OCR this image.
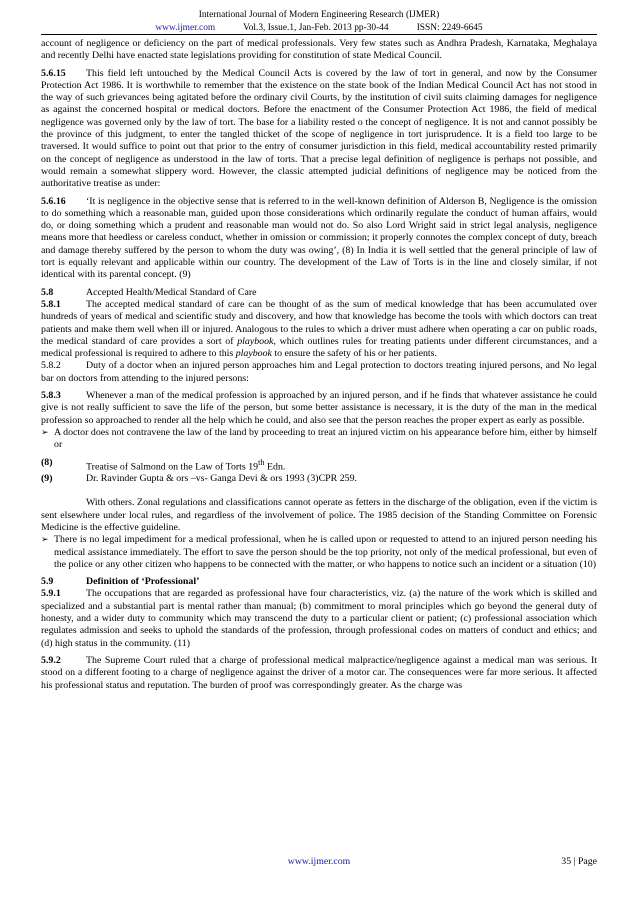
International Journal of Modern Engineering Research (IJMER)
www.ijmer.com	Vol.3, Issue.1, Jan-Feb. 2013 pp-30-44	ISSN: 2249-6645

account of negligence or deficiency on the part of medical professionals. Very few states such as Andhra Pradesh, Karnataka, Meghalaya and recently Delhi have enacted state legislations providing for constitution of state Medical Council.

5.6.15 This field left untouched by the Medical Council Acts is covered by the law of tort in general, and now by the Consumer Protection Act 1986. It is worthwhile to remember that the existence on the state book of the Indian Medical Council Act has not stood in the way of such grievances being agitated before the ordinary civil Courts, by the institution of civil suits claiming damages for negligence as against the concerned hospital or medical doctors. Before the enactment of the Consumer Protection Act 1986, the field of medical negligence was governed only by the law of tort. The base for a liability rested o the concept of negligence. It is not and cannot possibly be the province of this judgment, to enter the tangled thicket of the scope of negligence in tort jurisprudence. It is a field too large to be traversed. It would suffice to point out that prior to the entry of consumer jurisdiction in this field, medical accountability rested primarily on the concept of negligence as understood in the law of torts. That a precise legal definition of negligence is perhaps not possible, and would remain a somewhat slippery word. However, the classic attempted judicial definitions of negligence may be noticed from the authoritative treatise as under:

5.6.16 ‘It is negligence in the objective sense that is referred to in the well-known definition of Alderson B, Negligence is the omission to do something which a reasonable man, guided upon those considerations which ordinarily regulate the conduct of human affairs, would do, or doing something which a prudent and reasonable man would not do. So also Lord Wright said in strict legal analysis, negligence means more that heedless or careless conduct, whether in omission or commission; it properly connotes the complex concept of duty, breach and damage thereby suffered by the person to whom the duty was owing’, (8) In India it is well settled that the general principle of law of tort is equally relevant and applicable within our country. The development of the Law of Torts is in the line and closely similar, if not identical with its parental concept. (9)

5.8	Accepted Health/Medical Standard of Care

5.8.1	The accepted medical standard of care can be thought of as the sum of medical knowledge that has been accumulated over hundreds of years of medical and scientific study and discovery, and how that knowledge has become the tools with which doctors can treat patients and make them well when ill or injured. Analogous to the rules to which a driver must adhere when operating a car on public roads, the medical standard of care provides a sort of playbook, which outlines rules for treating patients under different circumstances, and a medical professional is required to adhere to this playbook to ensure the safety of his or her patients.

5.8.2	Duty of a doctor when an injured person approaches him and Legal protection to doctors treating injured persons, and No legal bar on doctors from attending to the injured persons:

5.8.3	Whenever a man of the medical profession is approached by an injured person, and if he finds that whatever assistance he could give is not really sufficient to save the life of the person, but some better assistance is necessary, it is the duty of the man in the medical profession so approached to render all the help which he could, and also see that the person reaches the proper expert as early as possible.

➢ A doctor does not contravene the law of the land by proceeding to treat an injured victim on his appearance before him, either by himself or

(8)	Treatise of Salmond on the Law of Torts 19th Edn.
(9)	Dr. Ravinder Gupta & ors –vs- Ganga Devi & ors 1993 (3)CPR 259.

With others. Zonal regulations and classifications cannot operate as fetters in the discharge of the obligation, even if the victim is sent elsewhere under local rules, and regardless of the involvement of police. The 1985 decision of the Standing Committee on Forensic Medicine is the effective guideline.

➢ There is no legal impediment for a medical professional, when he is called upon or requested to attend to an injured person needing his medical assistance immediately. The effort to save the person should be the top priority, not only of the medical professional, but even of the police or any other citizen who happens to be connected with the matter, or who happens to notice such an incident or a situation (10)

5.9	Definition of ‘Professional’

5.9.1	The occupations that are regarded as professional have four characteristics, viz. (a) the nature of the work which is skilled and specialized and a substantial part is mental rather than manual; (b) commitment to moral principles which go beyond the general duty of honesty, and a wider duty to community which may transcend the duty to a particular client or patient; (c) professional association which regulates admission and seeks to uphold the standards of the profession, through professional codes on matters of conduct and ethics; and (d) high status in the community. (11)

5.9.2	The Supreme Court ruled that a charge of professional medical malpractice/negligence against a medical man was serious. It stood on a different footing to a charge of negligence against the driver of a motor car. The consequences were far more serious. It affected his professional status and reputation. The burden of proof was correspondingly greater. As the charge was

www.ijmer.com	35 | Page
